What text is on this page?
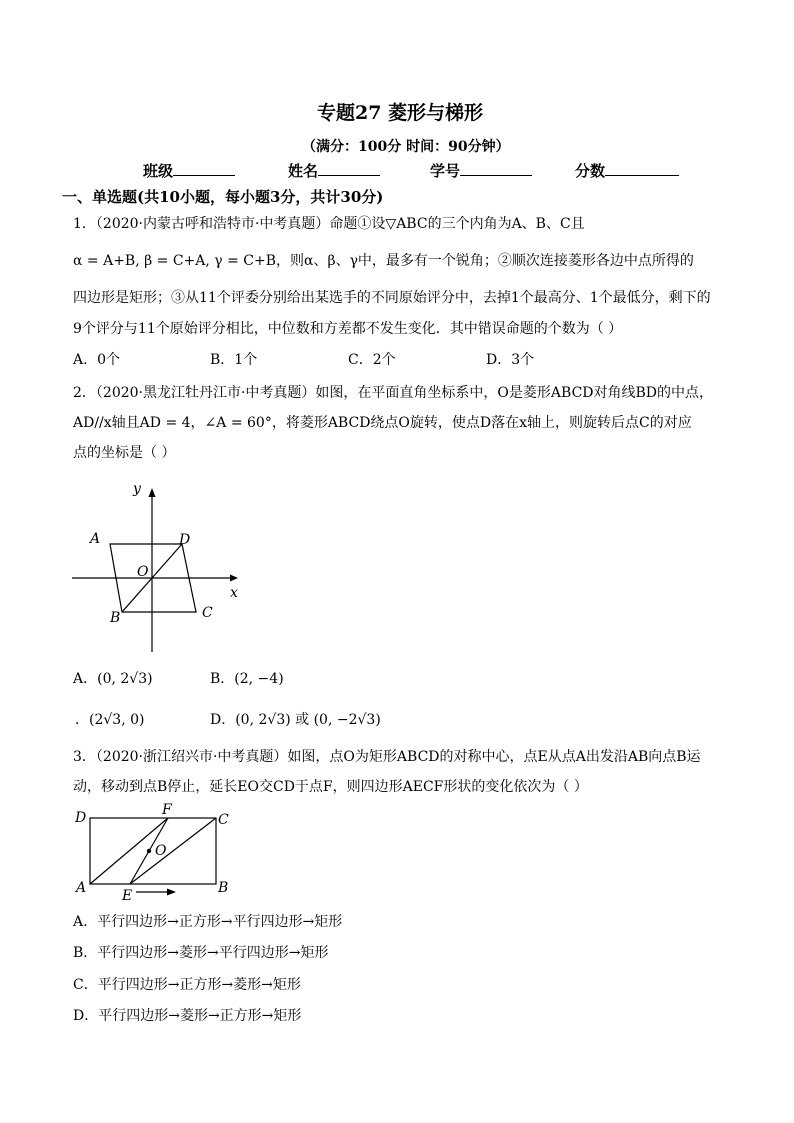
专题27 菱形与梯形
（满分：100分 时间：90分钟）
班级	姓名	学号	分数
一、单选题(共10小题，每小题3分，共计30分)
1．（2020·内蒙古呼和浩特市·中考真题）命题①设▽ABC的三个内角为A、B、C且
α = A+B, β = C+A, γ = C+B，则α、β、γ中，最多有一个锐角；②顺次连接菱形各边中点所得的
四边形是矩形；③从11个评委分别给出某选手的不同原始评分中，去掉1个最高分、1个最低分，剩下的
9个评分与11个原始评分相比，中位数和方差都不发生变化．其中错误命题的个数为（ ）
A．0个	B．1个	C．2个	D．3个
2．（2020·黑龙江牡丹江市·中考真题）如图，在平面直角坐标系中，O是菱形ABCD对角线BD的中点，
AD//x轴且AD = 4，∠A = 60°，将菱形ABCD绕点O旋转，使点D落在x轴上，则旋转后点C的对应
点的坐标是（ ）
y
x
A	D
O
B	C
A．(0, 2√3)	B．(2, −4)
．(2√3, 0)	D．(0, 2√3) 或 (0, −2√3)
3．（2020·浙江绍兴市·中考真题）如图，点O为矩形ABCD的对称中心，点E从点A出发沿AB向点B运
动，移动到点B停止，延长EO交CD于点F，则四边形AECF形状的变化依次为（ ）
D	F
C
O
A	E	B
A．平行四边形→正方形→平行四边形→矩形
B．平行四边形→菱形→平行四边形→矩形
C．平行四边形→正方形→菱形→矩形
D．平行四边形→菱形→正方形→矩形
